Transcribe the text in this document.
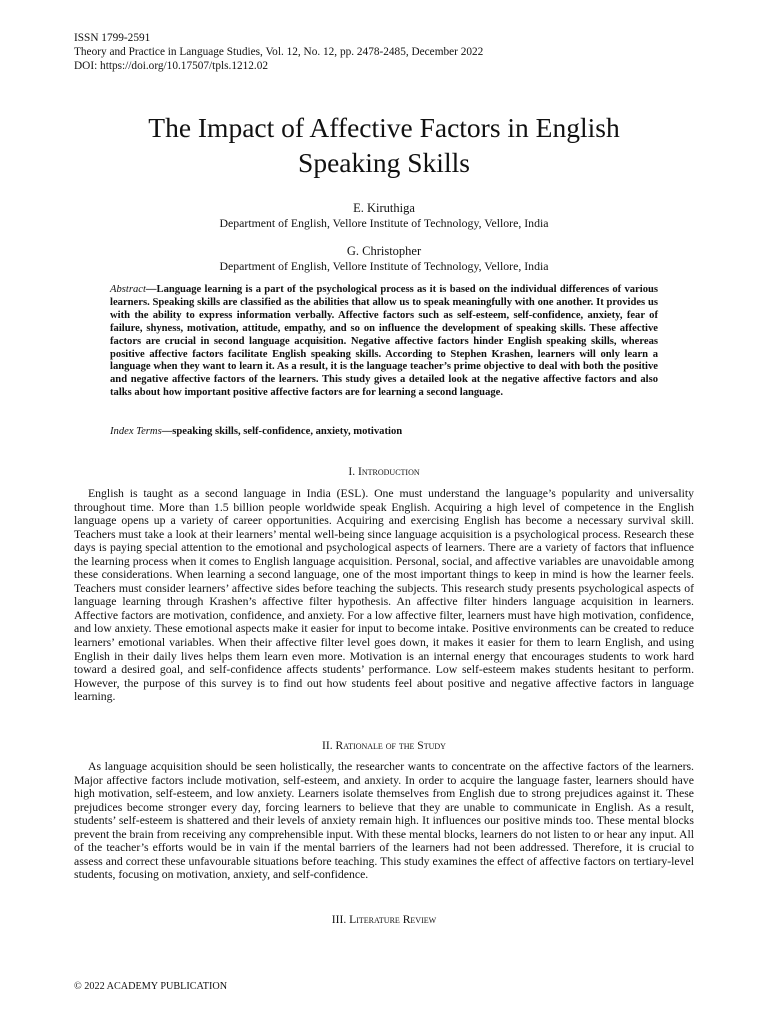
ISSN 1799-2591
Theory and Practice in Language Studies, Vol. 12, No. 12, pp. 2478-2485, December 2022
DOI: https://doi.org/10.17507/tpls.1212.02
The Impact of Affective Factors in English
Speaking Skills
E. Kiruthiga
Department of English, Vellore Institute of Technology, Vellore, India
G. Christopher
Department of English, Vellore Institute of Technology, Vellore, India
Abstract—Language learning is a part of the psychological process as it is based on the individual differences of various learners. Speaking skills are classified as the abilities that allow us to speak meaningfully with one another. It provides us with the ability to express information verbally. Affective factors such as self-esteem, self-confidence, anxiety, fear of failure, shyness, motivation, attitude, empathy, and so on influence the development of speaking skills. These affective factors are crucial in second language acquisition. Negative affective factors hinder English speaking skills, whereas positive affective factors facilitate English speaking skills. According to Stephen Krashen, learners will only learn a language when they want to learn it. As a result, it is the language teacher’s prime objective to deal with both the positive and negative affective factors of the learners. This study gives a detailed look at the negative affective factors and also talks about how important positive affective factors are for learning a second language.
Index Terms—speaking skills, self-confidence, anxiety, motivation
I. Introduction

English is taught as a second language in India (ESL). One must understand the language’s popularity and universality throughout time. More than 1.5 billion people worldwide speak English. Acquiring a high level of competence in the English language opens up a variety of career opportunities. Acquiring and exercising English has become a necessary survival skill. Teachers must take a look at their learners’ mental well-being since language acquisition is a psychological process. Research these days is paying special attention to the emotional and psychological aspects of learners. There are a variety of factors that influence the learning process when it comes to English language acquisition. Personal, social, and affective variables are unavoidable among these considerations. When learning a second language, one of the most important things to keep in mind is how the learner feels. Teachers must consider learners’ affective sides before teaching the subjects. This research study presents psychological aspects of language learning through Krashen’s affective filter hypothesis. An affective filter hinders language acquisition in learners. Affective factors are motivation, confidence, and anxiety. For a low affective filter, learners must have high motivation, confidence, and low anxiety. These emotional aspects make it easier for input to become intake. Positive environments can be created to reduce learners’ emotional variables. When their affective filter level goes down, it makes it easier for them to learn English, and using English in their daily lives helps them learn even more. Motivation is an internal energy that encourages students to work hard toward a desired goal, and self-confidence affects students’ performance. Low self-esteem makes students hesitant to perform. However, the purpose of this survey is to find out how students feel about positive and negative affective factors in language learning.

II. Rationale of the Study

As language acquisition should be seen holistically, the researcher wants to concentrate on the affective factors of the learners. Major affective factors include motivation, self-esteem, and anxiety. In order to acquire the language faster, learners should have high motivation, self-esteem, and low anxiety. Learners isolate themselves from English due to strong prejudices against it. These prejudices become stronger every day, forcing learners to believe that they are unable to communicate in English. As a result, students’ self-esteem is shattered and their levels of anxiety remain high. It influences our positive minds too. These mental blocks prevent the brain from receiving any comprehensible input. With these mental blocks, learners do not listen to or hear any input. All of the teacher’s efforts would be in vain if the mental barriers of the learners had not been addressed. Therefore, it is crucial to assess and correct these unfavourable situations before teaching. This study examines the effect of affective factors on tertiary-level students, focusing on motivation, anxiety, and self-confidence.

III. Literature Review
© 2022 ACADEMY PUBLICATION
